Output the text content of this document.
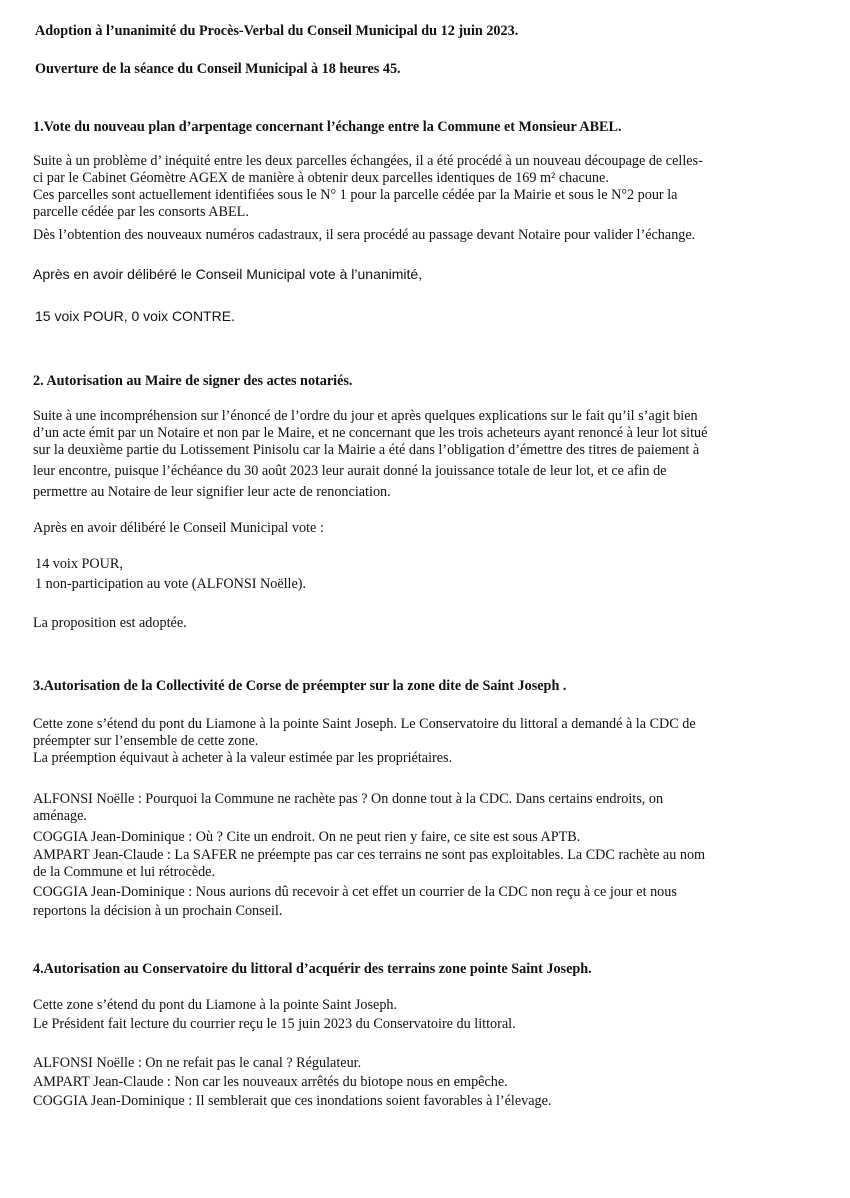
Adoption à l’unanimité du Procès-Verbal du Conseil Municipal du 12 juin 2023.
Ouverture de la séance du Conseil Municipal à 18 heures 45.
1.Vote du nouveau plan d’arpentage concernant l’échange entre la Commune et Monsieur ABEL.
Suite à un problème d’ inéquité entre les deux parcelles échangées, il a été procédé à un nouveau découpage de celles-
ci par le Cabinet Géomètre AGEX de manière à obtenir deux parcelles identiques de 169 m² chacune.
Ces parcelles sont actuellement identifiées sous le N° 1 pour la parcelle cédée par la Mairie et sous le N°2 pour la
parcelle cédée par les consorts ABEL.
Dès l’obtention des nouveaux numéros cadastraux, il sera procédé au passage devant Notaire pour valider l’échange.
Après en avoir délibéré le Conseil Municipal vote à l’unanimité,
15 voix POUR, 0 voix CONTRE.
2. Autorisation au Maire de signer des actes notariés.
Suite à une incompréhension sur l’énoncé de l’ordre du jour et après quelques explications sur le fait qu’il s’agit bien
d’un acte émit par un Notaire et non par le Maire, et ne concernant que les trois acheteurs ayant renoncé à leur lot situé
sur la deuxième partie du Lotissement Pinisolu car la Mairie a été dans l’obligation d’émettre des titres de paiement à
leur encontre, puisque l’échéance du 30 août 2023 leur aurait donné la jouissance totale de leur lot, et ce afin de
permettre au Notaire de leur signifier leur acte de renonciation.
Après en avoir délibéré le Conseil Municipal vote :
14 voix POUR,
1 non-participation au vote (ALFONSI Noëlle).
La proposition est adoptée.
3.Autorisation de la Collectivité de Corse de préempter sur la zone dite de Saint Joseph .
Cette zone s’étend du pont du Liamone à la pointe Saint Joseph. Le Conservatoire du littoral a demandé à la CDC de
préempter sur l’ensemble de cette zone.
La préemption équivaut à acheter à la valeur estimée par les propriétaires.
ALFONSI Noëlle : Pourquoi la Commune ne rachète pas ? On donne tout à la CDC. Dans certains endroits, on
aménage.
COGGIA Jean-Dominique : Où ? Cite un endroit. On ne peut rien y faire, ce site est sous APTB.
AMPART Jean-Claude : La SAFER ne préempte pas car ces terrains ne sont pas exploitables. La CDC rachète au nom
de la Commune et lui rétrocède.
COGGIA Jean-Dominique : Nous aurions dû recevoir à cet effet un courrier de la CDC non reçu à ce jour et nous
reportons la décision à un prochain Conseil.
4.Autorisation au Conservatoire du littoral d’acquérir des terrains zone pointe Saint Joseph.
Cette zone s’étend du pont du Liamone à la pointe Saint Joseph.
Le Président fait lecture du courrier reçu le 15 juin 2023 du Conservatoire du littoral.
ALFONSI Noëlle : On ne refait pas le canal ? Régulateur.
AMPART Jean-Claude : Non car les nouveaux arrêtés du biotope nous en empêche.
COGGIA Jean-Dominique : Il semblerait que ces inondations soient favorables à l’élevage.
